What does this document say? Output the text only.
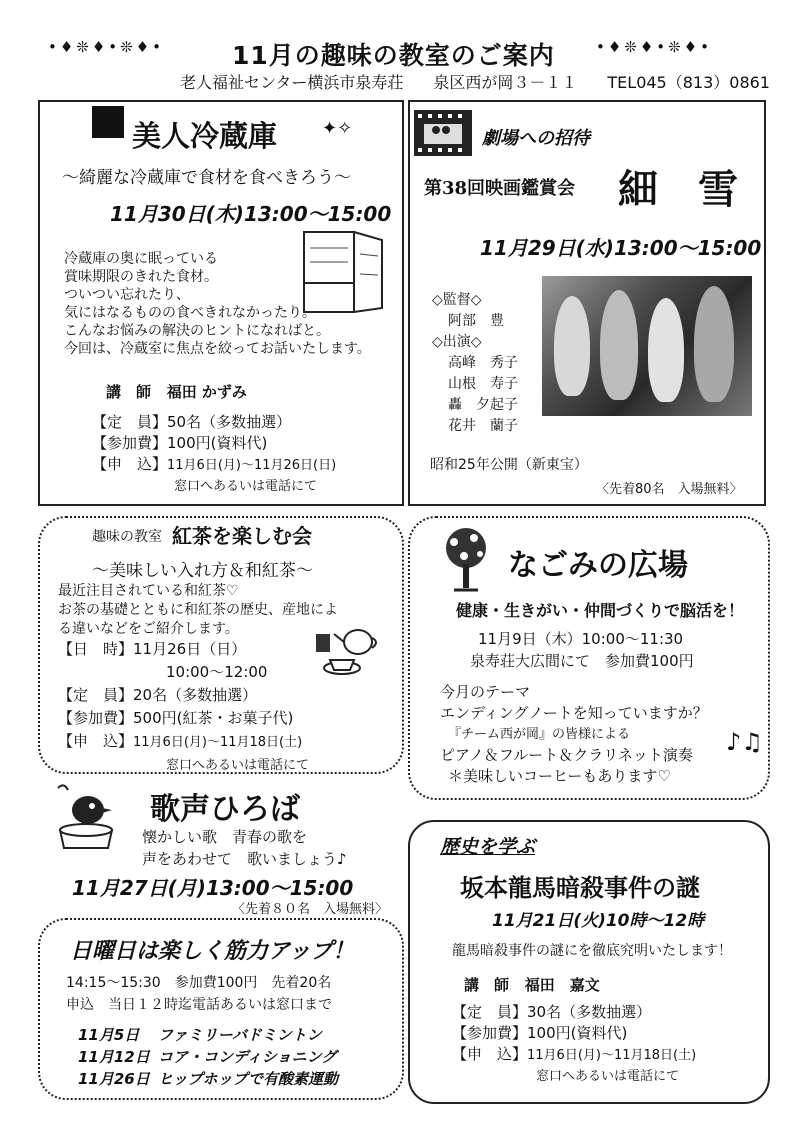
•♦❊♦•❊♦•	•♦❊♦•❊♦•
11月の趣味の教室のご案内
老人福祉センター横浜市泉寿荘 泉区西が岡３－１１ TEL045（813）0861
美人冷蔵庫 ✦✧
～綺麗な冷蔵庫で食材を食べきろう～
11月30日(木)13:00～15:00
冷蔵庫の奥に眠っている
賞味期限のきれた食材。
ついつい忘れたり、
気にはなるものの食べきれなかったり。
こんなお悩みの解決のヒントになればと。
今回は、冷蔵室に焦点を絞ってお話いたします。
講　師 福田 かずみ
【定　員】50名（多数抽選）
【参加費】100円(資料代)
【申　込】11月6日(月)～11月26日(日)
窓口へあるいは電話にて
劇場への招待
第38回映画鑑賞会 細　雪
11月29日(水)13:00～15:00
◇監督◇
阿部　豊
◇出演◇
高峰　秀子
山根　寿子
轟　夕起子
花井　蘭子
昭和25年公開（新東宝）
〈先着80名　入場無料〉
趣味の教室 紅茶を楽しむ会
～美味しい入れ方＆和紅茶～
最近注目されている和紅茶♡
お茶の基礎とともに和紅茶の歴史、産地によ
る違いなどをご紹介します。
【日　時】11月26日（日）
10:00～12:00
【定　員】20名（多数抽選）
【参加費】500円(紅茶・お菓子代)
【申　込】11月6日(月)～11月18日(土)
窓口へあるいは電話にて
なごみの広場
健康・生きがい・仲間づくりで脳活を！
11月9日（木）10:00～11:30
泉寿荘大広間にて　参加費100円
今月のテーマ
エンディングノートを知っていますか？
『チーム西が岡』の皆様による
ピアノ＆フルート＆クラリネット演奏
＊美味しいコーヒーもあります♡
♪♫
歌声ひろば
懐かしい歌　青春の歌を
声をあわせて　歌いましょう♪
11月27日(月)13:00～15:00
〈先着８０名　入場無料〉
歴史を学ぶ
坂本龍馬暗殺事件の謎
11月21日(火)10時～12時
龍馬暗殺事件の謎にを徹底究明いたします！
講　師 福田　嘉文
【定　員】30名（多数抽選）
【参加費】100円(資料代)
【申　込】11月6日(月)～11月18日(土)
窓口へあるいは電話にて
日曜日は楽しく筋力アップ！
14:15～15:30　参加費100円　先着20名
申込　当日１２時迄電話あるいは窓口まで
11月5日 ファミリーバドミントン
11月12日 コア・コンディショニング
11月26日 ヒップホップで有酸素運動
